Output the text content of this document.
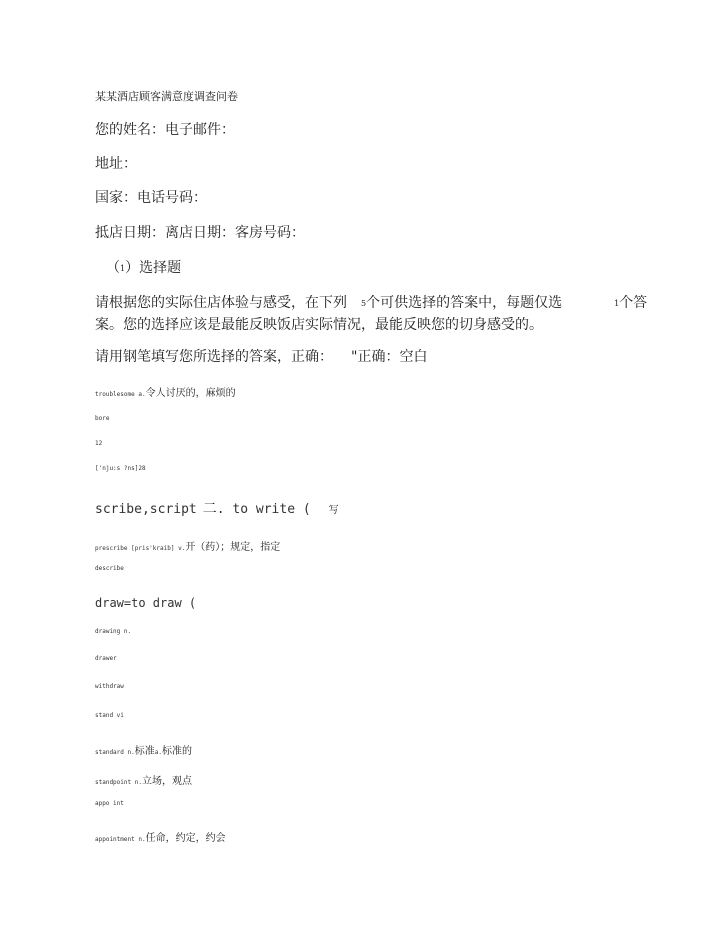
某某酒店顾客满意度调查问卷
您的姓名：电子邮件：
地址：
国家：电话号码：
抵店日期：离店日期：客房号码：
（1）选择题
请根据您的实际住店体验与感受，在下列 5个可供选择的答案中，每题仅选	1个答
案。您的选择应该是最能反映饭店实际情况，最能反映您的切身感受的。
请用钢笔填写您所选择的答案，正确： "正确：空白
troublesome a.令人讨厌的，麻烦的
bore
12
['nju:s ?ns]28
scribe,script 二. to write ( 写
prescribe [pris'kraib] v.开（药）；规定，指定
describe
draw=to draw (
drawing n.
drawer
withdraw
stand vi
standard n.标准a.标准的
standpoint n.立场，观点
appo int
appointment n.任命，约定，约会
